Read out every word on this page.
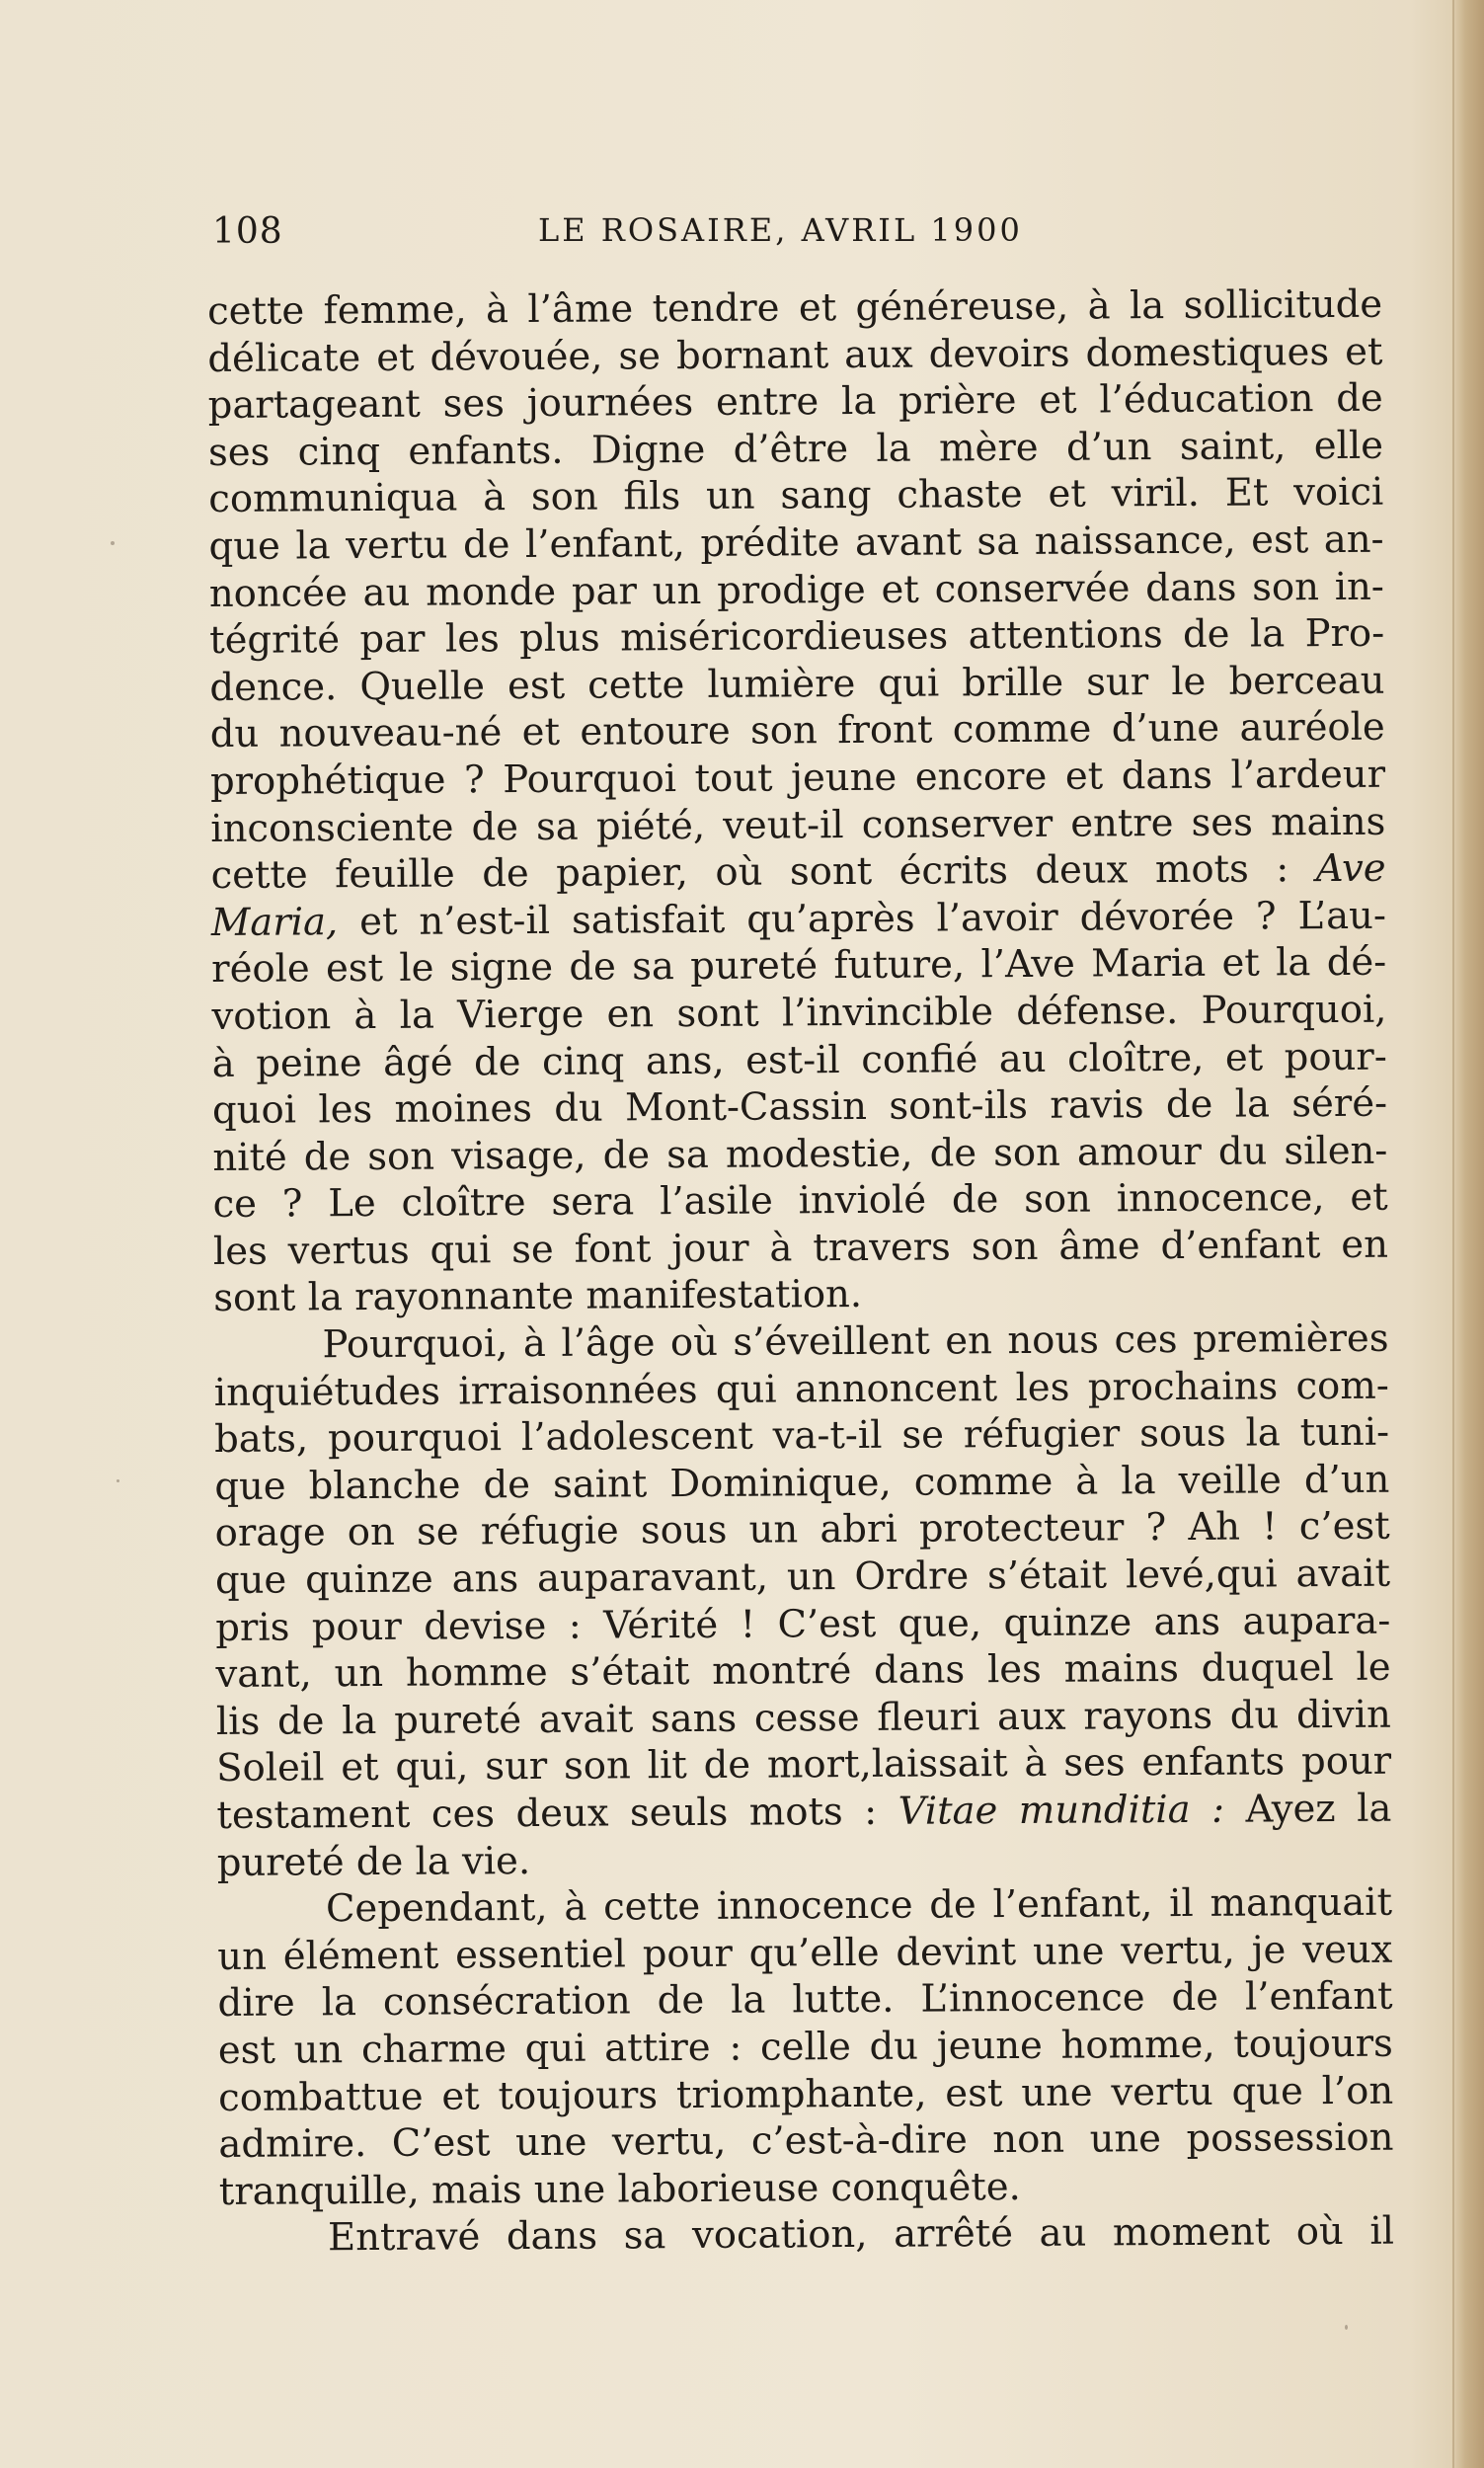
108	LE ROSAIRE, AVRIL 1900
cette femme, à l’âme tendre et généreuse, à la sollicitude
délicate et dévouée, se bornant aux devoirs domestiques et
partageant ses journées entre la prière et l’éducation de
ses cinq enfants. Digne d’être la mère d’un saint, elle
communiqua à son fils un sang chaste et viril. Et voici
que la vertu de l’enfant, prédite avant sa naissance, est an-
noncée au monde par un prodige et conservée dans son in-
tégrité par les plus miséricordieuses attentions de la Pro-
dence. Quelle est cette lumière qui brille sur le berceau
du nouveau-né et entoure son front comme d’une auréole
prophétique ? Pourquoi tout jeune encore et dans l’ardeur
inconsciente de sa piété, veut-il conserver entre ses mains
cette feuille de papier, où sont écrits deux mots : Ave
Maria, et n’est-il satisfait qu’après l’avoir dévorée ? L’au-
réole est le signe de sa pureté future, l’Ave Maria et la dé-
votion à la Vierge en sont l’invincible défense. Pourquoi,
à peine âgé de cinq ans, est-il confié au cloître, et pour-
quoi les moines du Mont-Cassin sont-ils ravis de la séré-
nité de son visage, de sa modestie, de son amour du silen-
ce ? Le cloître sera l’asile inviolé de son innocence, et
les vertus qui se font jour à travers son âme d’enfant en
sont la rayonnante manifestation.
Pourquoi, à l’âge où s’éveillent en nous ces premières
inquiétudes irraisonnées qui annoncent les prochains com-
bats, pourquoi l’adolescent va-t-il se réfugier sous la tuni-
que blanche de saint Dominique, comme à la veille d’un
orage on se réfugie sous un abri protecteur ? Ah ! c’est
que quinze ans auparavant, un Ordre s’était levé,qui avait
pris pour devise : Vérité ! C’est que, quinze ans aupara-
vant, un homme s’était montré dans les mains duquel le
lis de la pureté avait sans cesse fleuri aux rayons du divin
Soleil et qui, sur son lit de mort,laissait à ses enfants pour
testament ces deux seuls mots : Vitae munditia : Ayez la
pureté de la vie.
Cependant, à cette innocence de l’enfant, il manquait
un élément essentiel pour qu’elle devint une vertu, je veux
dire la consécration de la lutte. L’innocence de l’enfant
est un charme qui attire : celle du jeune homme, toujours
combattue et toujours triomphante, est une vertu que l’on
admire. C’est une vertu, c’est-à-dire non une possession
tranquille, mais une laborieuse conquête.
Entravé dans sa vocation, arrêté au moment où il
